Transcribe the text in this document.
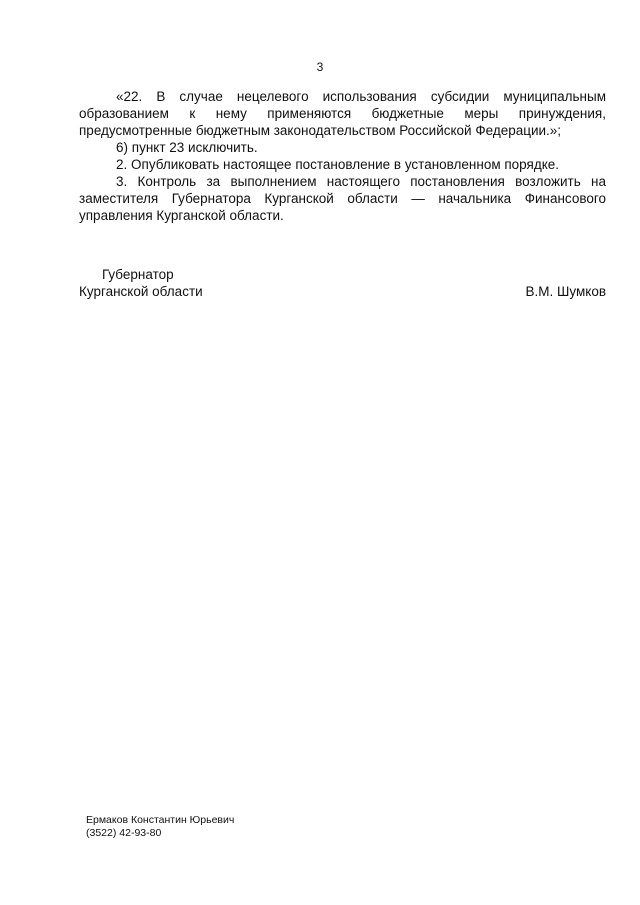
3

«22. В случае нецелевого использования субсидии муниципальным образованием к нему применяются бюджетные меры принуждения, предусмотренные бюджетным законодательством Российской Федерации.»;

6) пункт 23 исключить.

2. Опубликовать настоящее постановление в установленном порядке.

3. Контроль за выполнением настоящего постановления возложить на заместителя Губернатора Курганской области — начальника Финансового управления Курганской области.

Губернатор
Курганской области	В.М. Шумков
Ермаков Константин Юрьевич
(3522) 42-93-80
